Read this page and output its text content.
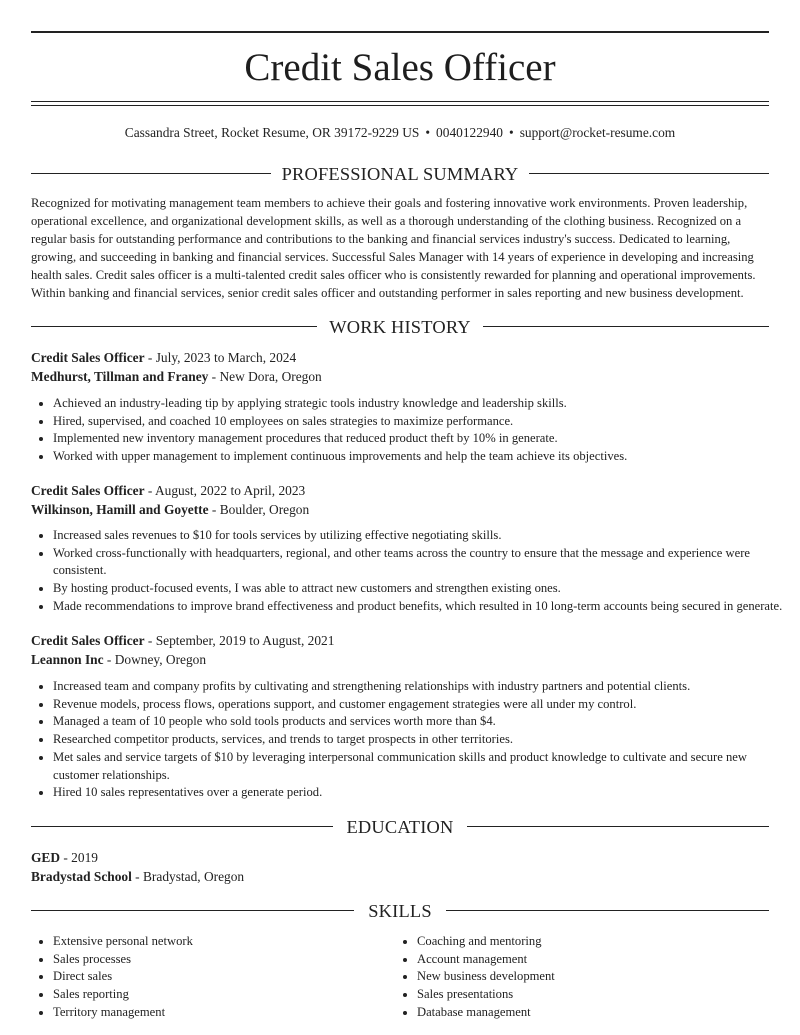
Credit Sales Officer
Cassandra Street, Rocket Resume, OR 39172-9229 US • 0040122940 • support@rocket-resume.com
PROFESSIONAL SUMMARY

Recognized for motivating management team members to achieve their goals and fostering innovative work environments. Proven leadership, operational excellence, and organizational development skills, as well as a thorough understanding of the clothing business. Recognized on a regular basis for outstanding performance and contributions to the banking and financial services industry's success. Dedicated to learning, growing, and succeeding in banking and financial services. Successful Sales Manager with 14 years of experience in developing and increasing health sales. Credit sales officer is a multi-talented credit sales officer who is consistently rewarded for planning and operational improvements. Within banking and financial services, senior credit sales officer and outstanding performer in sales reporting and new business development.

WORK HISTORY
Credit Sales Officer - July, 2023 to March, 2024
Medhurst, Tillman and Franey - New Dora, Oregon
• Achieved an industry-leading tip by applying strategic tools industry knowledge and leadership skills.
• Hired, supervised, and coached 10 employees on sales strategies to maximize performance.
• Implemented new inventory management procedures that reduced product theft by 10% in generate.
• Worked with upper management to implement continuous improvements and help the team achieve its objectives.
Credit Sales Officer - August, 2022 to April, 2023
Wilkinson, Hamill and Goyette - Boulder, Oregon
• Increased sales revenues to $10 for tools services by utilizing effective negotiating skills.
• Worked cross-functionally with headquarters, regional, and other teams across the country to ensure that the message and experience were consistent.
• By hosting product-focused events, I was able to attract new customers and strengthen existing ones.
• Made recommendations to improve brand effectiveness and product benefits, which resulted in 10 long-term accounts being secured in generate.
Credit Sales Officer - September, 2019 to August, 2021
Leannon Inc - Downey, Oregon
• Increased team and company profits by cultivating and strengthening relationships with industry partners and potential clients.
• Revenue models, process flows, operations support, and customer engagement strategies were all under my control.
• Managed a team of 10 people who sold tools products and services worth more than $4.
• Researched competitor products, services, and trends to target prospects in other territories.
• Met sales and service targets of $10 by leveraging interpersonal communication skills and product knowledge to cultivate and secure new customer relationships.
• Hired 10 sales representatives over a generate period.
EDUCATION
GED - 2019
Bradystad School - Bradystad, Oregon
SKILLS
• Extensive personal network
• Sales processes
• Direct sales
• Sales reporting
• Territory management
• Coaching and mentoring
• Account management
• New business development
• Sales presentations
• Database management
